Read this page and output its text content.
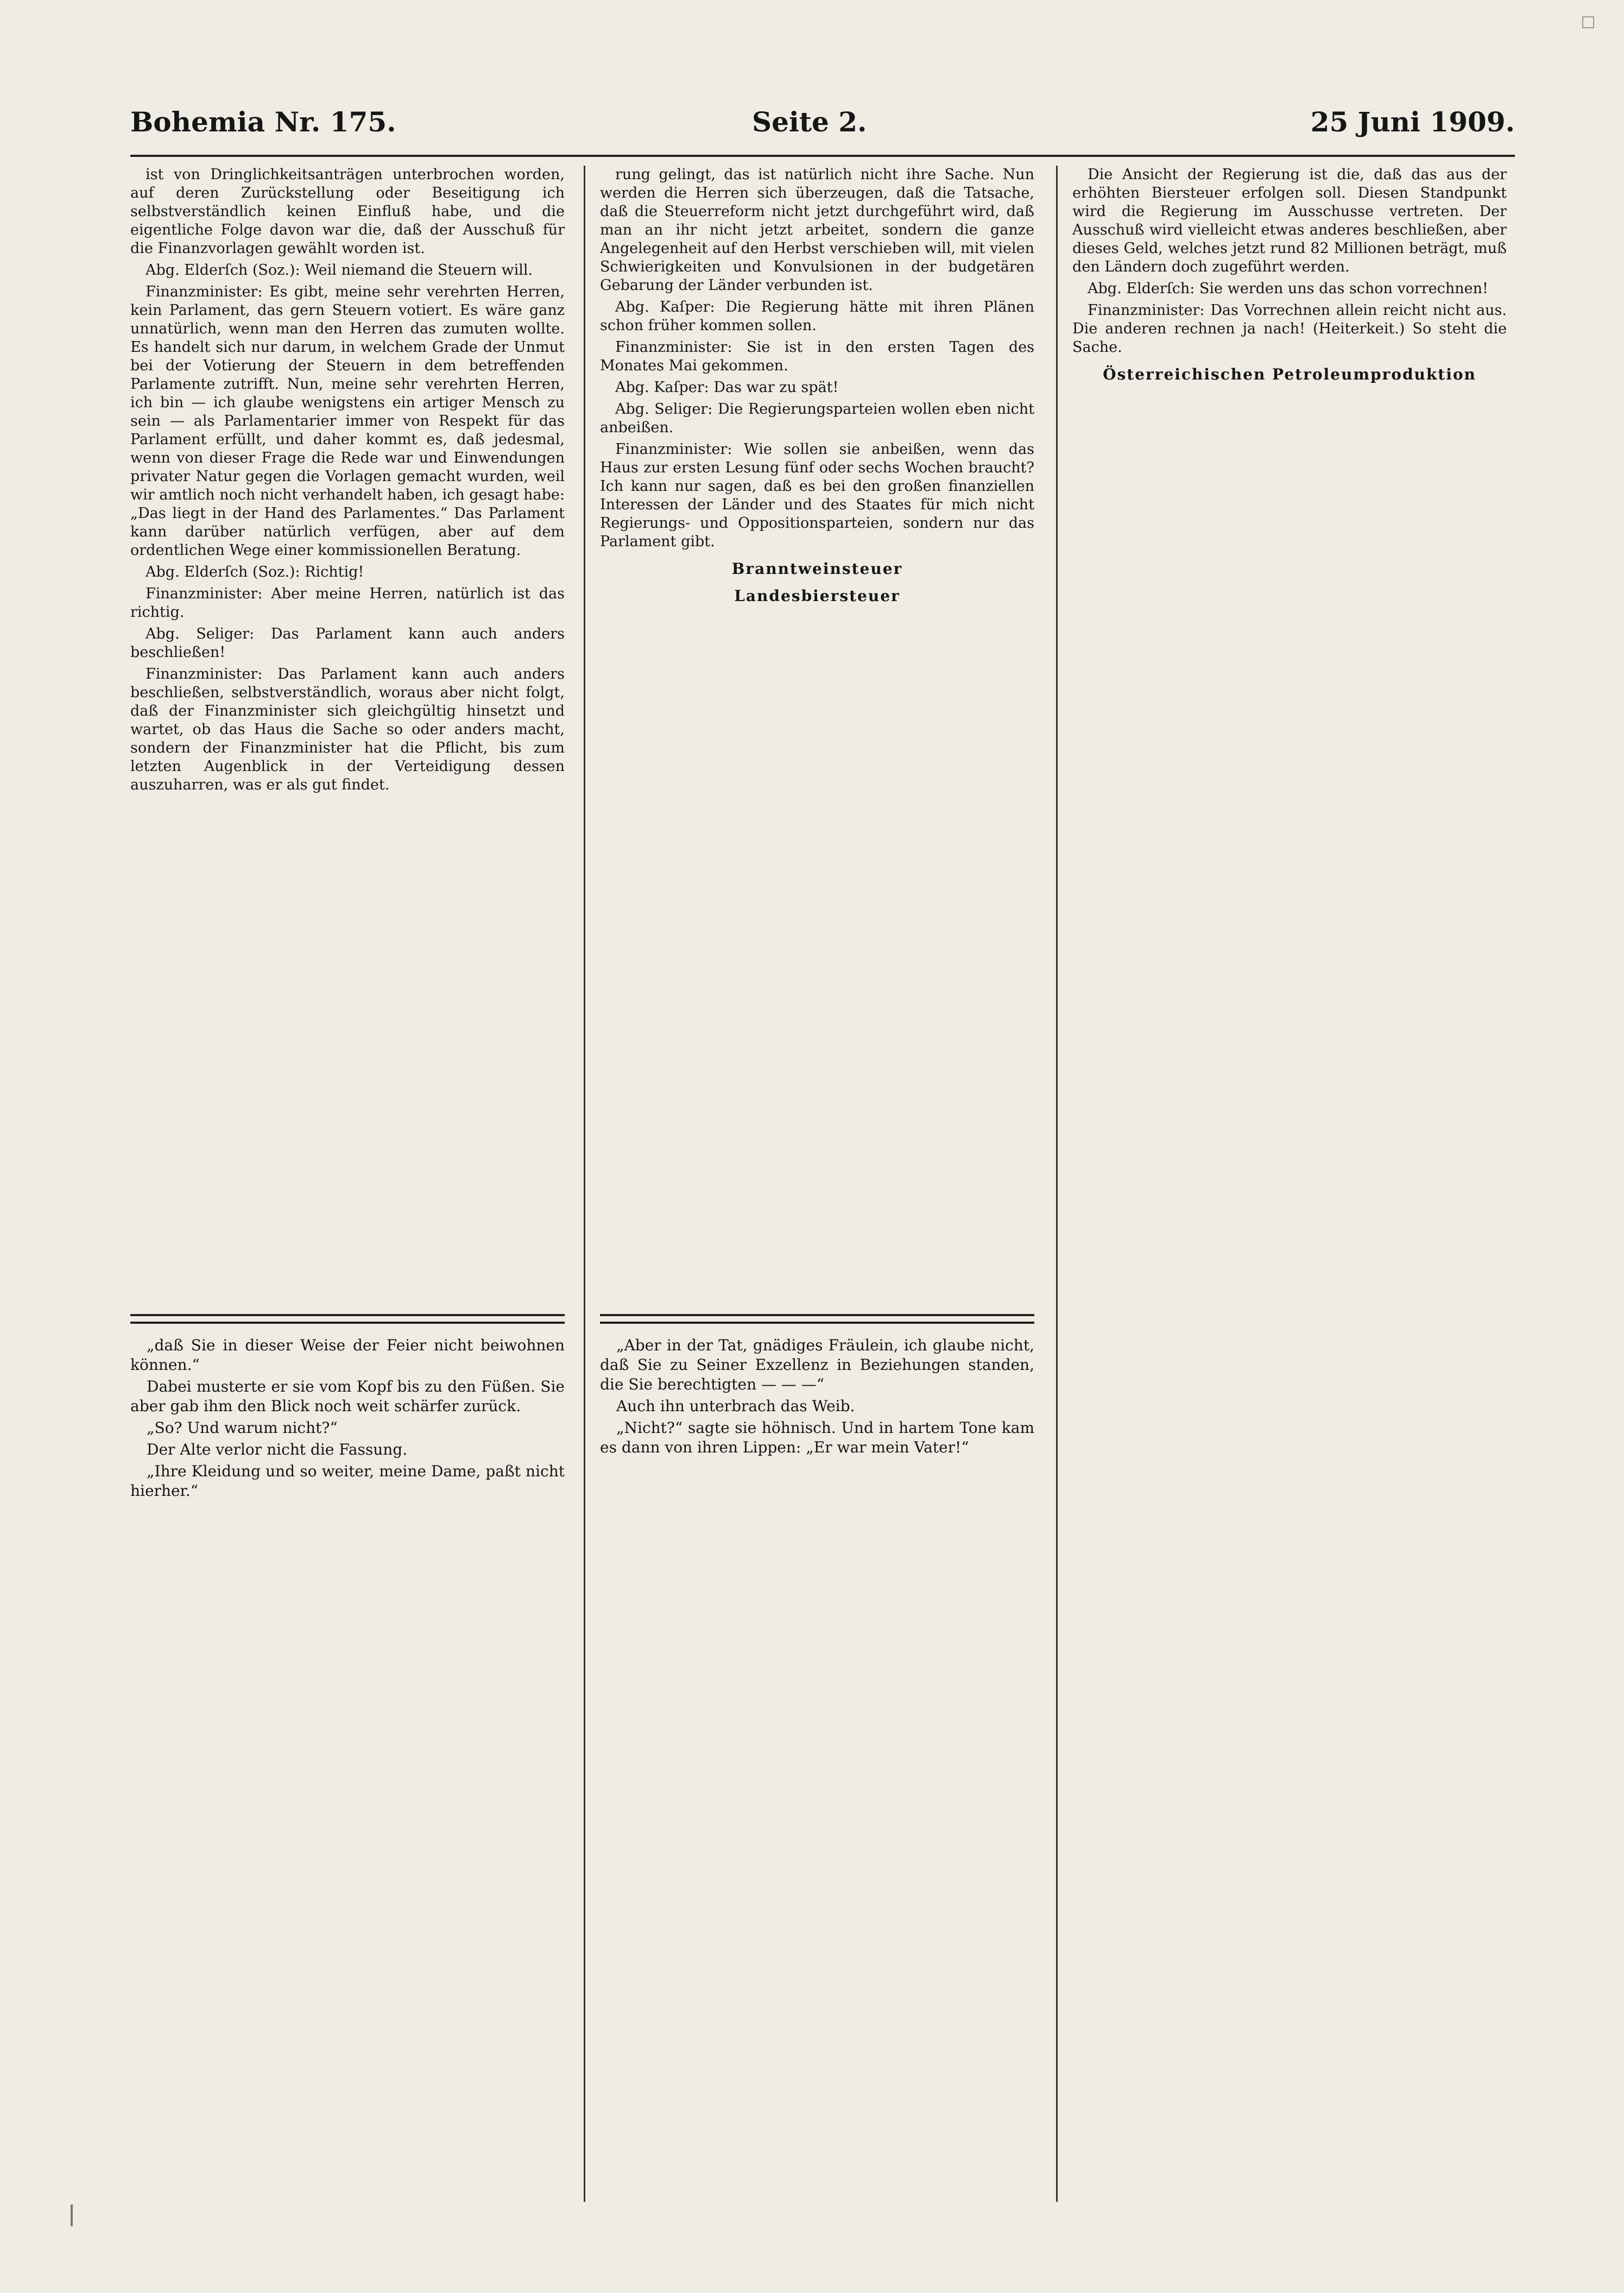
Bohemia Nr. 175.	Seite 2.	25 Juni 1909.

ist von Dringlichkeitsanträgen unterbrochen worden, auf deren Zurückstellung oder Beseitigung ich selbstverständlich keinen Einfluß habe, und die eigentliche Folge davon war die, daß der Ausschuß für die Finanzvorlagen gewählt worden ist.

Abg. Elderſch (Soz.): Weil niemand die Steuern will.

Finanzminister: Es gibt, meine sehr verehrten Herren, kein Parlament, das gern Steuern votiert. Es wäre ganz unnatürlich, wenn man den Herren das zumuten wollte. Es handelt sich nur darum, in welchem Grade der Unmut bei der Votierung der Steuern in dem betreffenden Parlamente zutrifft. Nun, meine sehr verehrten Herren, ich bin — ich glaube wenigstens ein artiger Mensch zu sein — als Parlamentarier immer von Respekt für das Parlament erfüllt, und daher kommt es, daß jedesmal, wenn von dieser Frage die Rede war und Einwendungen privater Natur gegen die Vorlagen gemacht wurden, weil wir amtlich noch nicht verhandelt haben, ich gesagt habe: „Das liegt in der Hand des Parlamentes.“ Das Parlament kann darüber natürlich verfügen, aber auf dem ordentlichen Wege einer kommissionellen Beratung.

Abg. Elderſch (Soz.): Richtig!

Finanzminister: Aber meine Herren, natürlich ist das richtig.

Abg. Seliger: Das Parlament kann auch anders beschließen!

Finanzminister: Das Parlament kann auch anders beschließen, selbstverständlich, woraus aber nicht folgt, daß der Finanzminister sich gleichgültig hinsetzt und wartet, ob das Haus die Sache so oder anders macht, sondern der Finanzminister hat die Pflicht, bis zum letzten Augenblick in der Verteidigung dessen auszuharren, was er als gut findet.

rung gelingt, das ist natürlich nicht ihre Sache. Nun werden die Herren sich überzeugen, daß die Tatsache, daß die Steuerreform nicht jetzt durchgeführt wird, daß man an ihr nicht jetzt arbeitet, sondern die ganze Angelegenheit auf den Herbst verschieben will, mit vielen Schwierigkeiten und Konvulsionen in der budgetären Gebarung der Länder verbunden ist.

Abg. Kaſper: Die Regierung hätte mit ihren Plänen schon früher kommen sollen.

Finanzminister: Sie ist in den ersten Tagen des Monates Mai gekommen.

Abg. Kaſper: Das war zu spät!

Abg. Seliger: Die Regierungsparteien wollen eben nicht anbeißen.

Finanzminister: Wie sollen sie anbeißen, wenn das Haus zur ersten Lesung fünf oder sechs Wochen braucht? Ich kann nur sagen, daß es bei den großen finanziellen Interessen der Länder und des Staates für mich nicht Regierungs- und Oppositionsparteien, sondern nur das Parlament gibt.

Branntweinsteuer
Landesbiersteuer

Die Ansicht der Regierung ist die, daß das aus der erhöhten Biersteuer erfolgen soll. Diesen Standpunkt wird die Regierung im Ausschusse vertreten. Der Ausschuß wird vielleicht etwas anderes beschließen, aber dieses Geld, welches jetzt rund 82 Millionen beträgt, muß den Ländern doch zugeführt werden.

Abg. Elderſch: Sie werden uns das schon vorrechnen!

Finanzminister: Das Vorrechnen allein reicht nicht aus. Die anderen rechnen ja nach! (Heiterkeit.) So steht die Sache.

Österreichischen Petroleumproduktion

„daß Sie in dieser Weise der Feier nicht beiwohnen können.“

Dabei musterte er sie vom Kopf bis zu den Füßen. Sie aber gab ihm den Blick noch weit schärfer zurück.

„So? Und warum nicht?“

Der Alte verlor nicht die Fassung.

„Ihre Kleidung und so weiter, meine Dame, paßt nicht hierher.“

„Aber in der Tat, gnädiges Fräulein, ich glaube nicht, daß Sie zu Seiner Exzellenz in Beziehungen standen, die Sie berechtigten — — —“

Auch ihn unterbrach das Weib.

„Nicht?“ sagte sie höhnisch. Und in hartem Tone kam es dann von ihren Lippen: „Er war mein Vater!“
